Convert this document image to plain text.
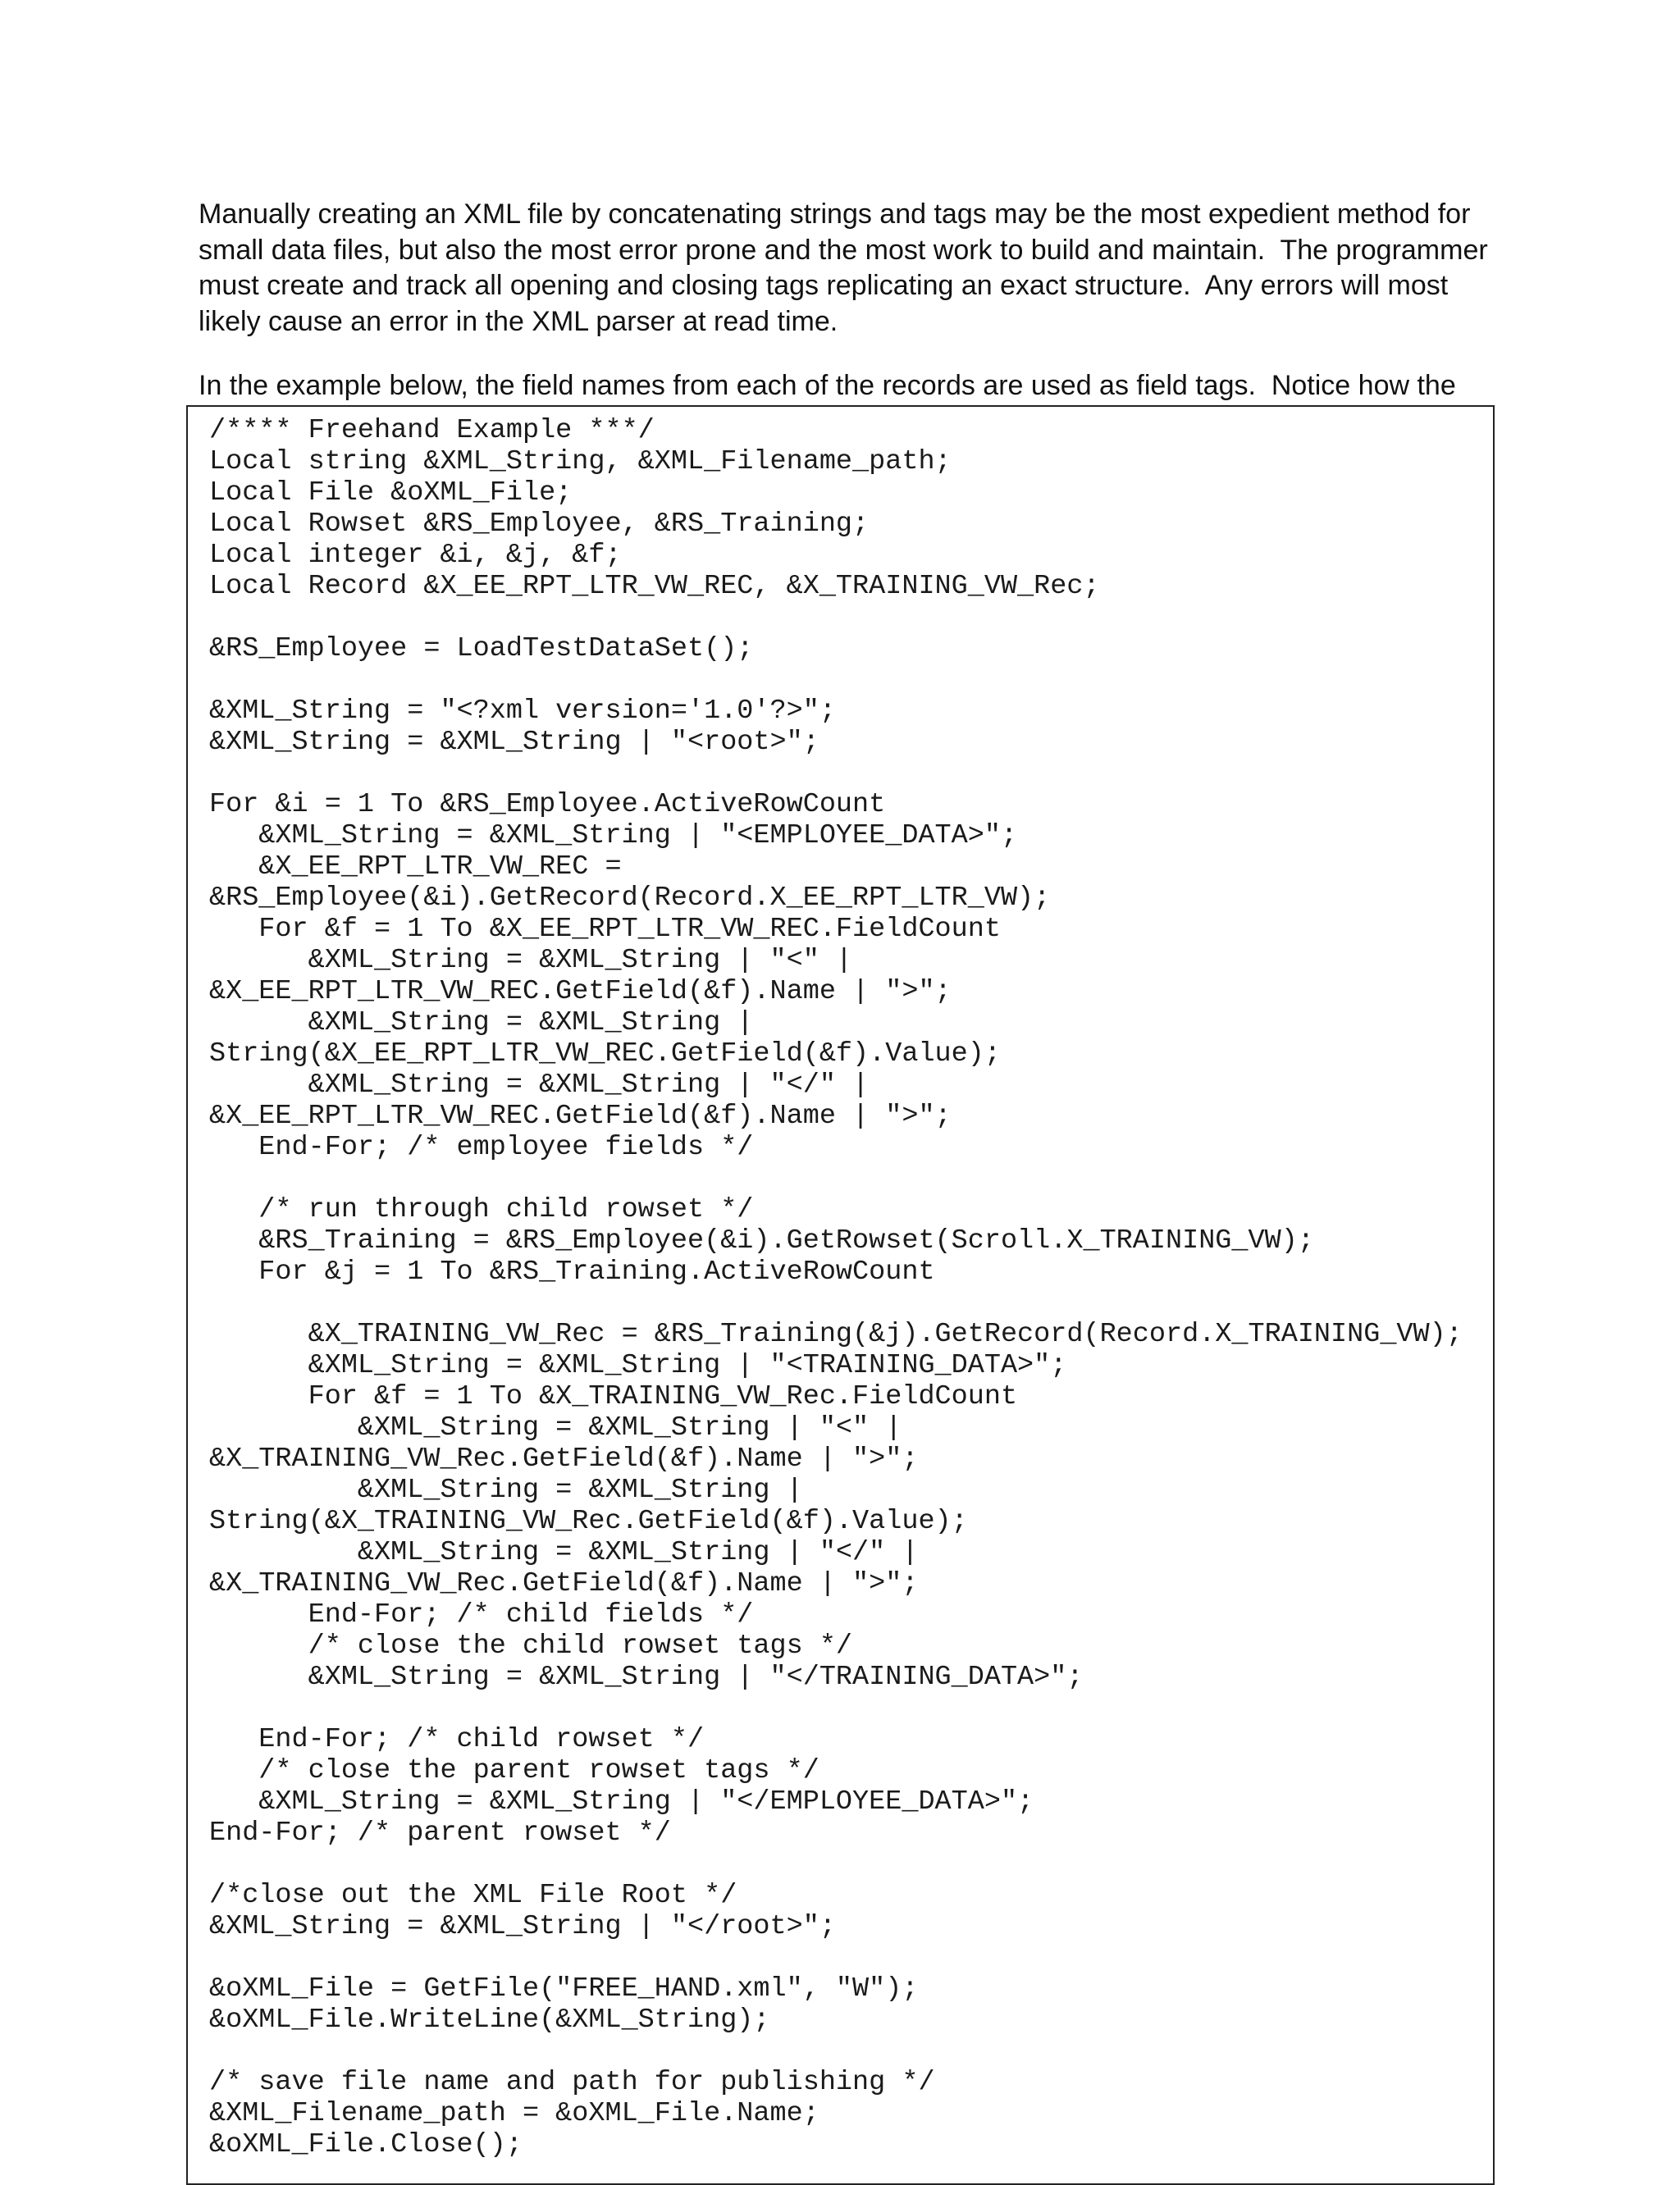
Manually creating an XML file by concatenating strings and tags may be the most expedient method for
small data files, but also the most error prone and the most work to build and maintain.  The programmer
must create and track all opening and closing tags replicating an exact structure.  Any errors will most
likely cause an error in the XML parser at read time.
In the example below, the field names from each of the records are used as field tags.  Notice how the
/**** Freehand Example ***/
Local string &XML_String, &XML_Filename_path;
Local File &oXML_File;
Local Rowset &RS_Employee, &RS_Training;
Local integer &i, &j, &f;
Local Record &X_EE_RPT_LTR_VW_REC, &X_TRAINING_VW_Rec;
&RS_Employee = LoadTestDataSet();
&XML_String = "<?xml version='1.0'?>";
&XML_String = &XML_String | "<root>";
For &i = 1 To &RS_Employee.ActiveRowCount
&XML_String = &XML_String | "<EMPLOYEE_DATA>";
&X_EE_RPT_LTR_VW_REC =
&RS_Employee(&i).GetRecord(Record.X_EE_RPT_LTR_VW);
For &f = 1 To &X_EE_RPT_LTR_VW_REC.FieldCount
&XML_String = &XML_String | "<" |
&X_EE_RPT_LTR_VW_REC.GetField(&f).Name | ">";
&XML_String = &XML_String |
String(&X_EE_RPT_LTR_VW_REC.GetField(&f).Value);
&XML_String = &XML_String | "</" |
&X_EE_RPT_LTR_VW_REC.GetField(&f).Name | ">";
End-For; /* employee fields */
/* run through child rowset */
&RS_Training = &RS_Employee(&i).GetRowset(Scroll.X_TRAINING_VW);
For &j = 1 To &RS_Training.ActiveRowCount
&X_TRAINING_VW_Rec = &RS_Training(&j).GetRecord(Record.X_TRAINING_VW);
&XML_String = &XML_String | "<TRAINING_DATA>";
For &f = 1 To &X_TRAINING_VW_Rec.FieldCount
&XML_String = &XML_String | "<" |
&X_TRAINING_VW_Rec.GetField(&f).Name | ">";
&XML_String = &XML_String |
String(&X_TRAINING_VW_Rec.GetField(&f).Value);
&XML_String = &XML_String | "</" |
&X_TRAINING_VW_Rec.GetField(&f).Name | ">";
End-For; /* child fields */
/* close the child rowset tags */
&XML_String = &XML_String | "</TRAINING_DATA>";
End-For; /* child rowset */
/* close the parent rowset tags */
&XML_String = &XML_String | "</EMPLOYEE_DATA>";
End-For; /* parent rowset */
/*close out the XML File Root */
&XML_String = &XML_String | "</root>";
&oXML_File = GetFile("FREE_HAND.xml", "W");
&oXML_File.WriteLine(&XML_String);
/* save file name and path for publishing */
&XML_Filename_path = &oXML_File.Name;
&oXML_File.Close();
